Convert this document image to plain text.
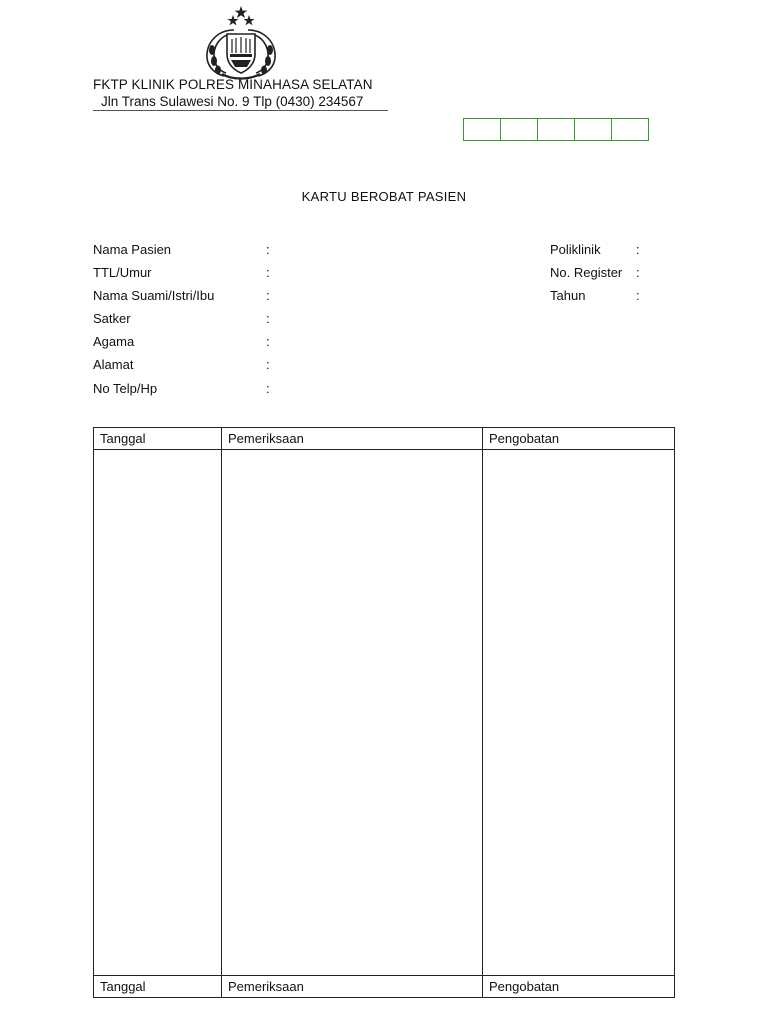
FKTP KLINIK POLRES MINAHASA SELATAN
Jln Trans Sulawesi No. 9 Tlp (0430) 234567
KARTU BEROBAT PASIEN
Nama Pasien	:
TTL/Umur	:
Nama Suami/Istri/Ibu	:
Satker	:
Agama	:
Alamat	:
No Telp/Hp	:
Poliklinik	:
No. Register :
Tahun	:
Tanggal	Pemeriksaan	Pengobatan

Tanggal	Pemeriksaan	Pengobatan
